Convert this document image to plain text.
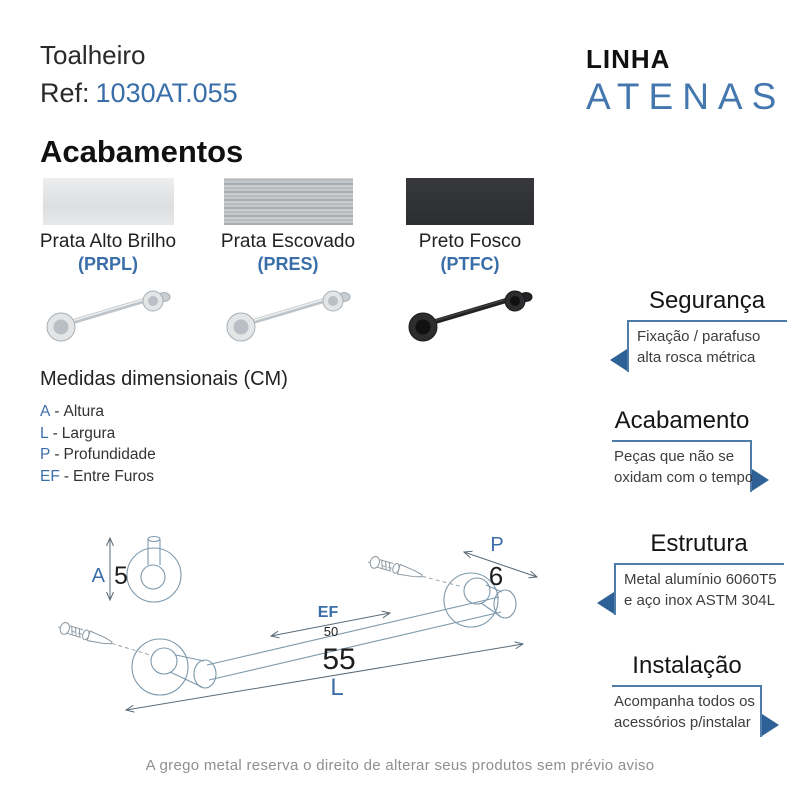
Toalheiro
Ref: 1030AT.055
LINHA
ATENAS
Acabamentos
Prata Alto Brilho
(PRPL)
Prata Escovado
(PRES)
Preto Fosco
(PTFC)
Medidas dimensionais (CM)
A - Altura
L - Largura
P - Profundidade
EF - Entre Furos
A 5
P
6
EF
50
55
L
Segurança
Fixação / parafuso
alta rosca métrica
Acabamento
Peças que não se
oxidam com o tempo
Estrutura
Metal alumínio 6060T5
e aço inox ASTM 304L
Instalação
Acompanha todos os
acessórios p/instalar
A grego metal reserva o direito de alterar seus produtos sem prévio aviso
